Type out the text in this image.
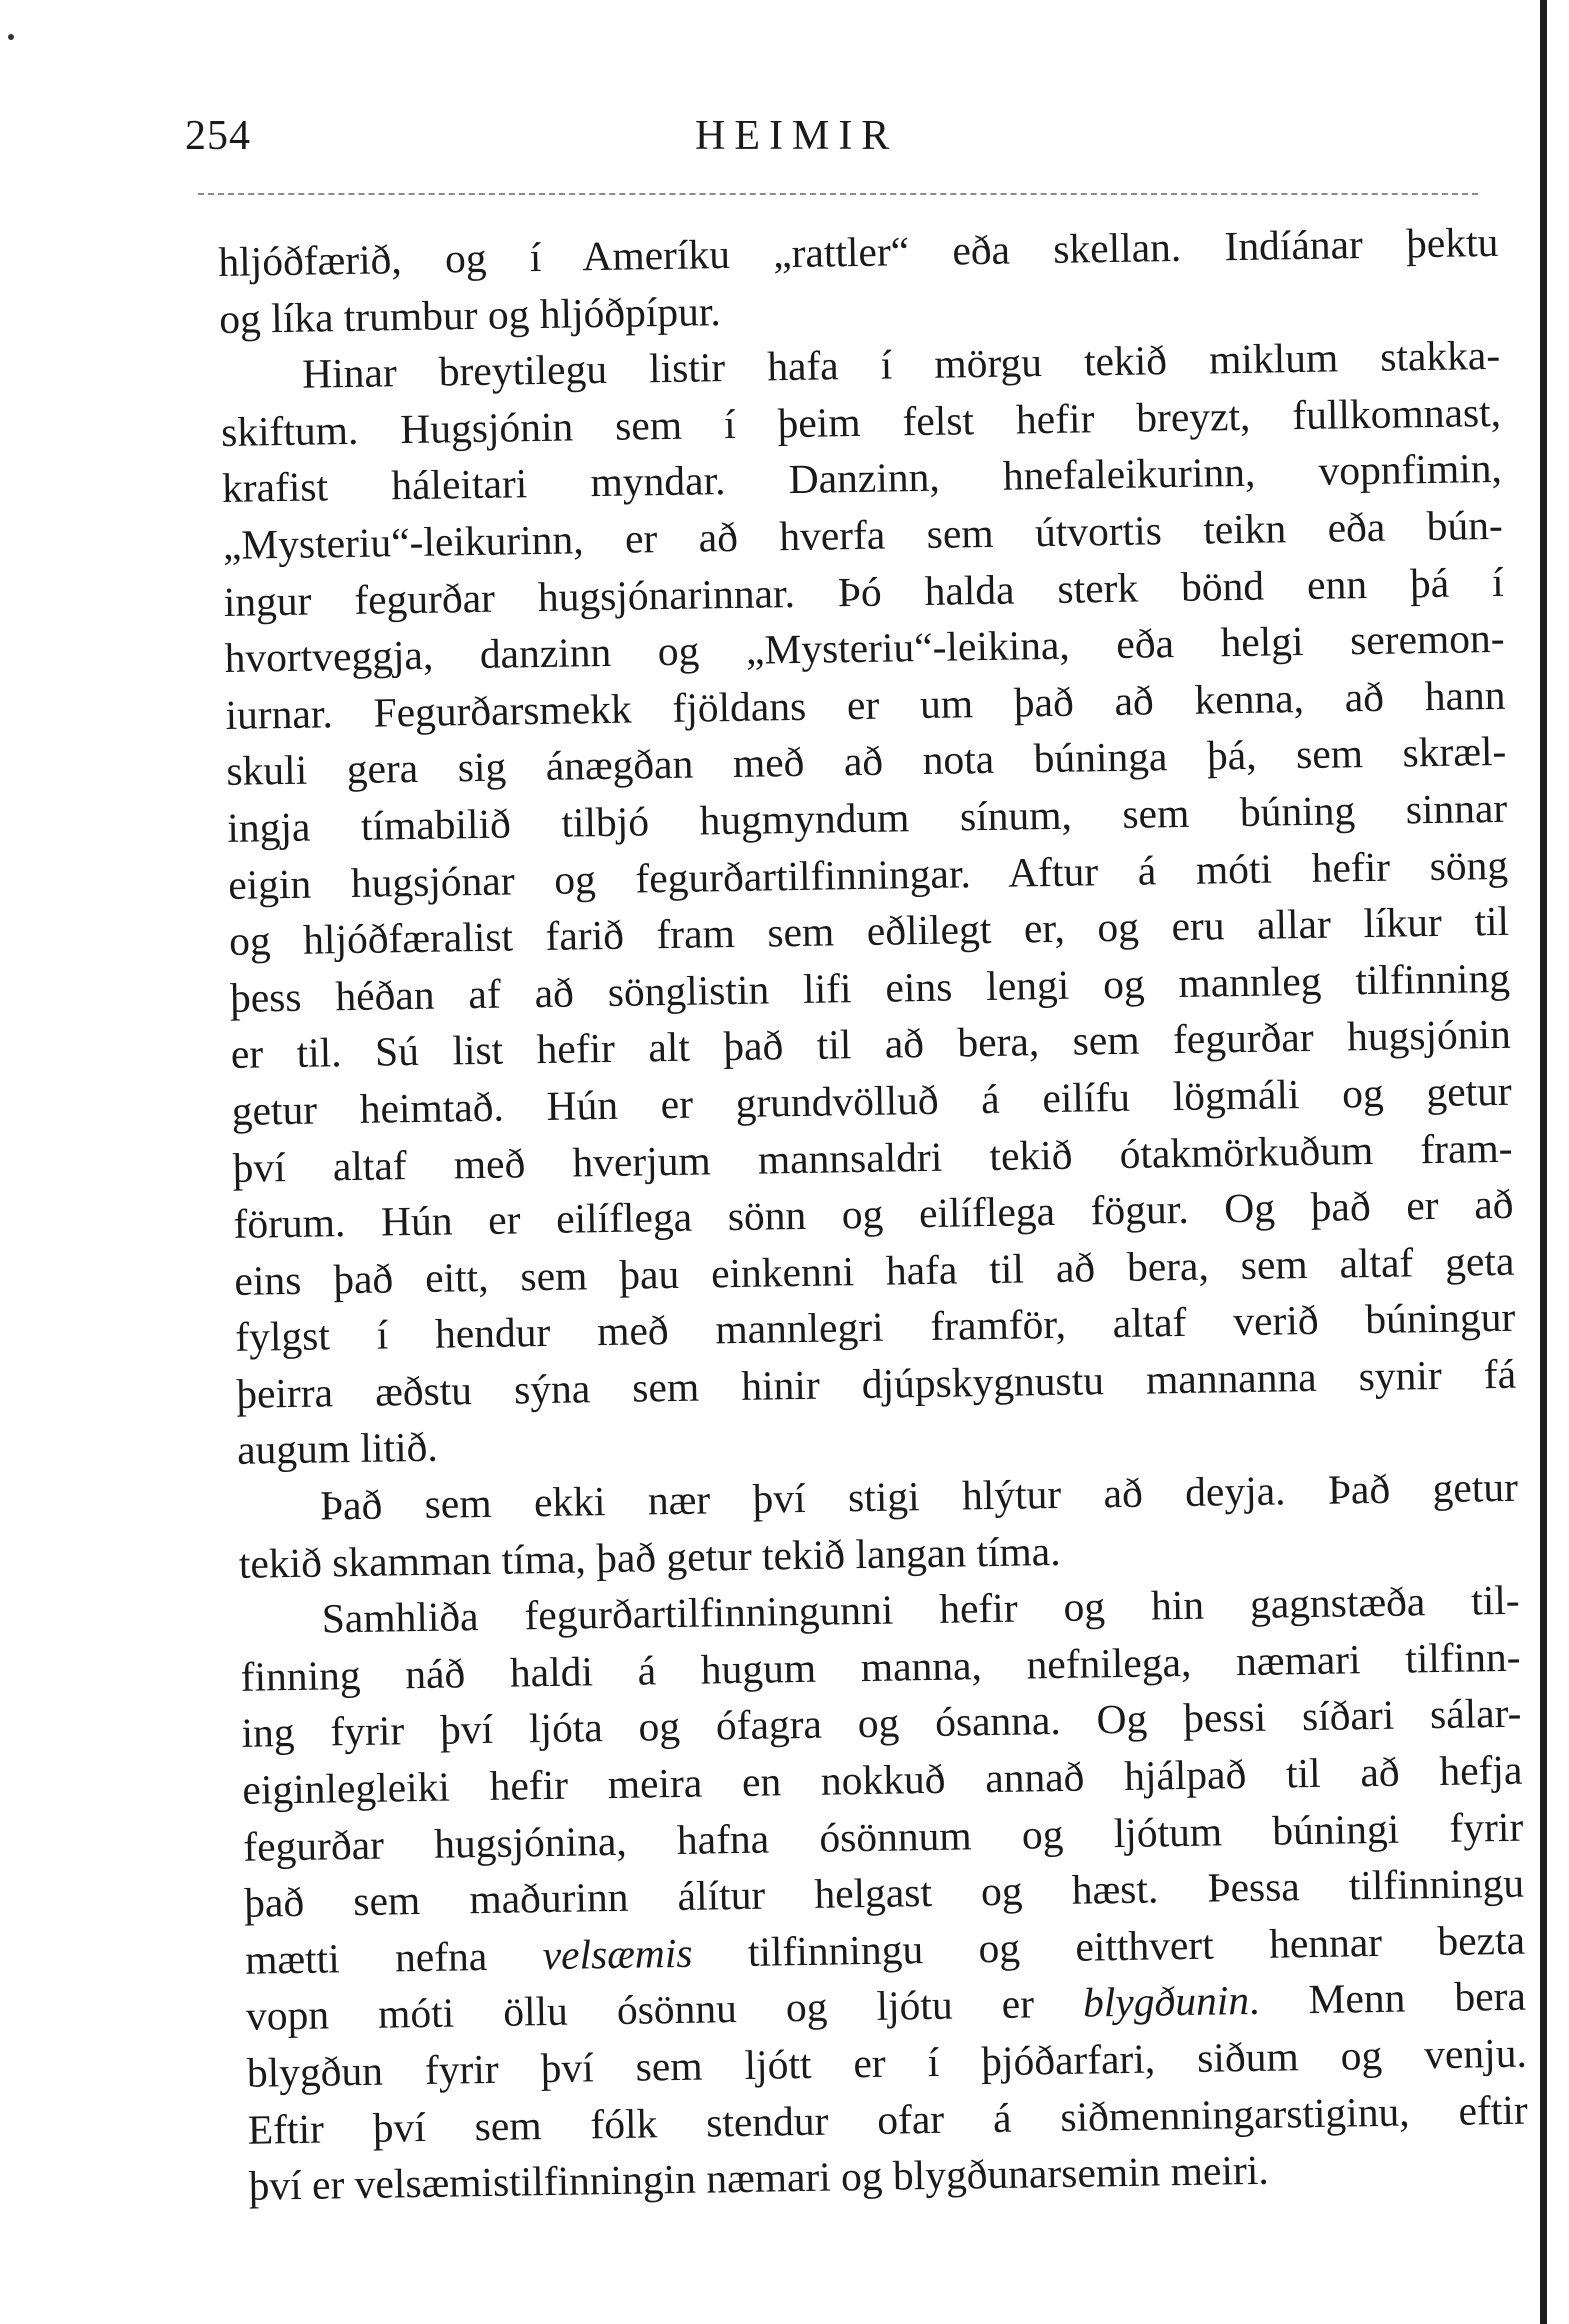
254	HEIMIR
hljóðfærið, og í Ameríku „rattler“ eða skellan. Indíánar þektu
og líka trumbur og hljóðpípur.
Hinar breytilegu listir hafa í mörgu tekið miklum stakka-
skiftum. Hugsjónin sem í þeim felst hefir breyzt, fullkomnast,
krafist háleitari myndar. Danzinn, hnefaleikurinn, vopnfimin,
„Mysteriu“-leikurinn, er að hverfa sem útvortis teikn eða bún-
ingur fegurðar hugsjónarinnar. Þó halda sterk bönd enn þá í
hvortveggja, danzinn og „Mysteriu“-leikina, eða helgi seremon-
iurnar. Fegurðarsmekk fjöldans er um það að kenna, að hann
skuli gera sig ánægðan með að nota búninga þá, sem skræl-
ingja tímabilið tilbjó hugmyndum sínum, sem búning sinnar
eigin hugsjónar og fegurðartilfinningar. Aftur á móti hefir söng
og hljóðfæralist farið fram sem eðlilegt er, og eru allar líkur til
þess héðan af að sönglistin lifi eins lengi og mannleg tilfinning
er til. Sú list hefir alt það til að bera, sem fegurðar hugsjónin
getur heimtað. Hún er grundvölluð á eilífu lögmáli og getur
því altaf með hverjum mannsaldri tekið ótakmörkuðum fram-
förum. Hún er eilíflega sönn og eilíflega fögur. Og það er að
eins það eitt, sem þau einkenni hafa til að bera, sem altaf geta
fylgst í hendur með mannlegri framför, altaf verið búningur
þeirra æðstu sýna sem hinir djúpskygnustu mannanna synir fá
augum litið.
Það sem ekki nær því stigi hlýtur að deyja. Það getur
tekið skamman tíma, það getur tekið langan tíma.
Samhliða fegurðartilfinningunni hefir og hin gagnstæða til-
finning náð haldi á hugum manna, nefnilega, næmari tilfinn-
ing fyrir því ljóta og ófagra og ósanna. Og þessi síðari sálar-
eiginlegleiki hefir meira en nokkuð annað hjálpað til að hefja
fegurðar hugsjónina, hafna ósönnum og ljótum búningi fyrir
það sem maðurinn álítur helgast og hæst. Þessa tilfinningu
mætti nefna velsæmis tilfinningu og eitthvert hennar bezta
vopn móti öllu ósönnu og ljótu er blygðunin. Menn bera
blygðun fyrir því sem ljótt er í þjóðarfari, siðum og venju.
Eftir því sem fólk stendur ofar á siðmenningarstiginu, eftir
því er velsæmistilfinningin næmari og blygðunarsemin meiri.
